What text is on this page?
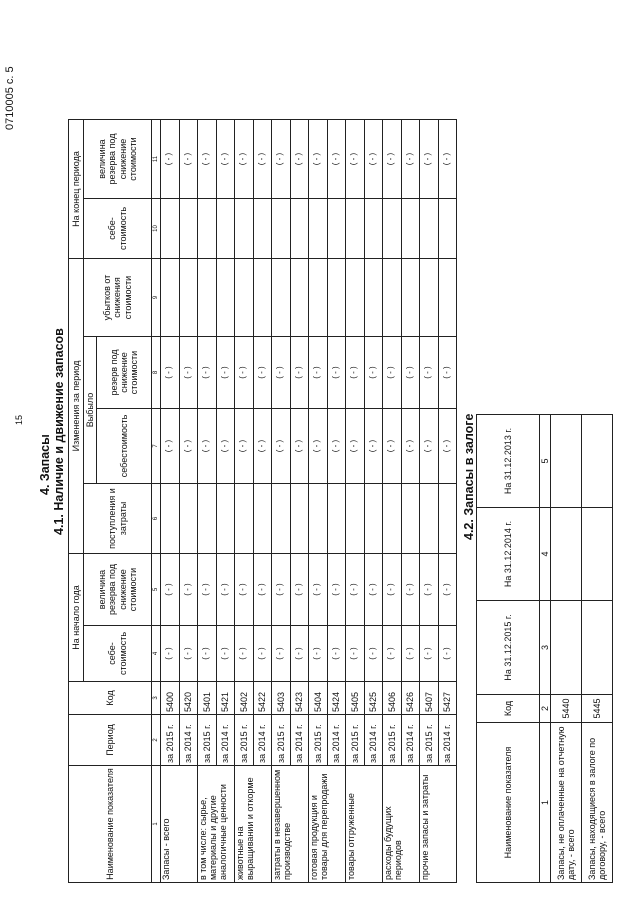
0710005 с. 5
15
4. Запасы 4.1. Наличие и движение запасов
Наименование показателя	Период	Код	На начало года		Изменения за период				На конец периода	
			себе-стоимость	величина резерва под снижение стоимости	поступления и затраты	Выбыло		убытков от снижения стоимости	себе-стоимость	величина резерва под снижение стоимости
						себестоимость	резерв под снижение стоимости			
1	2	3	4	5	6	7	8	9	10	11
Запасы - всего	за 2015 г.	5400	( - )	( - )		( - )	( - )			( - )
	за 2014 г.	5420	( - )	( - )		( - )	( - )			( - )
в том числе: сырье, материалы и другие аналогичные ценности	за 2015 г.	5401	( - )	( - )		( - )	( - )			( - )
	за 2014 г.	5421	( - )	( - )		( - )	( - )			( - )
животные на выращивании и откорме	за 2015 г.	5402	( - )	( - )		( - )	( - )			( - )
	за 2014 г.	5422	( - )	( - )		( - )	( - )			( - )
затраты в незавершенном производстве	за 2015 г.	5403	( - )	( - )		( - )	( - )			( - )
	за 2014 г.	5423	( - )	( - )		( - )	( - )			( - )
готовая продукция и товары для перепродажи	за 2015 г.	5404	( - )	( - )		( - )	( - )			( - )
	за 2014 г.	5424	( - )	( - )		( - )	( - )			( - )
товары отгруженные	за 2015 г.	5405	( - )	( - )		( - )	( - )			( - )
	за 2014 г.	5425	( - )	( - )		( - )	( - )			( - )
расходы будущих периодов	за 2015 г.	5406	( - )	( - )		( - )	( - )			( - )
	за 2014 г.	5426	( - )	( - )		( - )	( - )			( - )
прочие запасы и затраты	за 2015 г.	5407	( - )	( - )		( - )	( - )			( - )
	за 2014 г.	5427	( - )	( - )		( - )	( - )			( - )
4.2. Запасы в залоге
Наименование показателя	Код	На 31.12.2015 г.	На 31.12.2014 г.	На 31.12.2013 г.
1	2	3	4	5
Запасы, не оплаченные на отчетную дату, - всего	5440			
Запасы, находящиеся в залоге по договору, - всего	5445			
